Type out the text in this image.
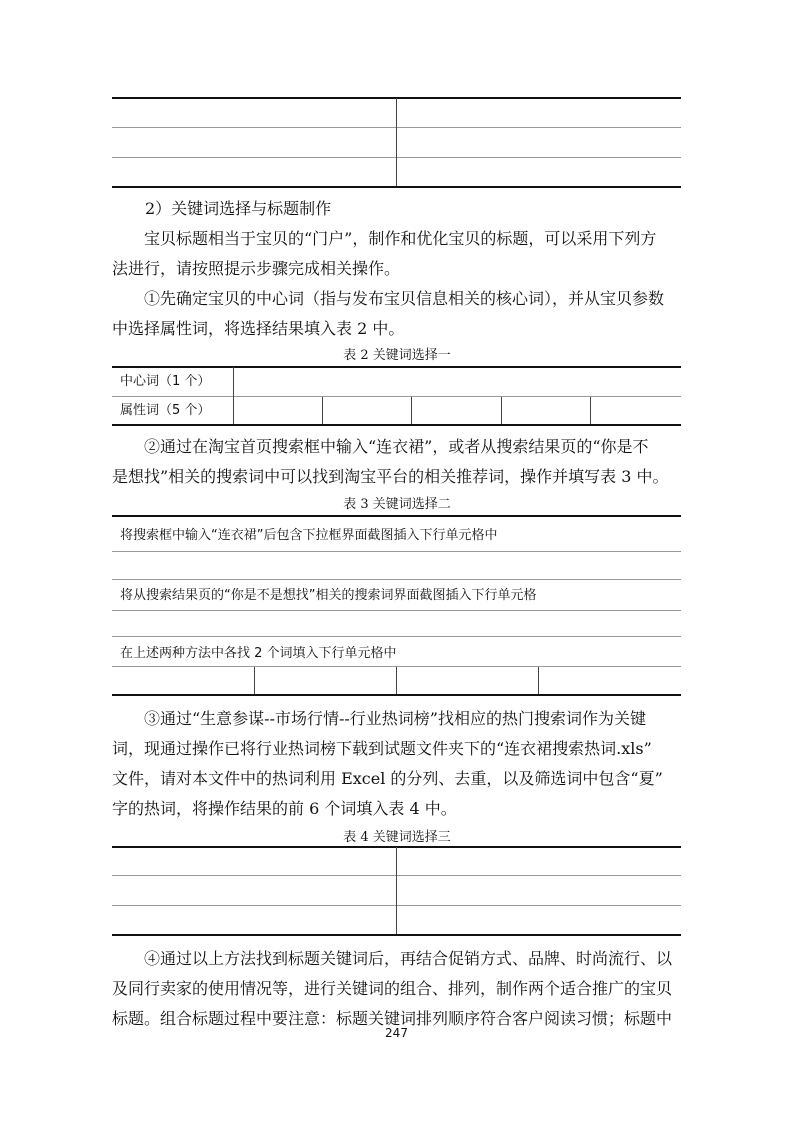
2）关键词选择与标题制作
宝贝标题相当于宝贝的“门户”，制作和优化宝贝的标题，可以采用下列方
法进行，请按照提示步骤完成相关操作。
①先确定宝贝的中心词（指与发布宝贝信息相关的核心词），并从宝贝参数
中选择属性词，将选择结果填入表 2 中。
表 2 关键词选择一
中心词（1 个）
属性词（5 个）
②通过在淘宝首页搜索框中输入“连衣裙”，或者从搜索结果页的“你是不
是想找”相关的搜索词中可以找到淘宝平台的相关推荐词，操作并填写表 3 中。
表 3 关键词选择二
将搜索框中输入“连衣裙”后包含下拉框界面截图插入下行单元格中
将从搜索结果页的“你是不是想找”相关的搜索词界面截图插入下行单元格
在上述两种方法中各找 2 个词填入下行单元格中
③通过“生意参谋--市场行情--行业热词榜”找相应的热门搜索词作为关键
词，现通过操作已将行业热词榜下载到试题文件夹下的“连衣裙搜索热词.xls”
文件，请对本文件中的热词利用 Excel 的分列、去重，以及筛选词中包含“夏”
字的热词，将操作结果的前 6 个词填入表 4 中。
表 4 关键词选择三
④通过以上方法找到标题关键词后，再结合促销方式、品牌、时尚流行、以
及同行卖家的使用情况等，进行关键词的组合、排列，制作两个适合推广的宝贝
标题。组合标题过程中要注意：标题关键词排列顺序符合客户阅读习惯；标题中
247
